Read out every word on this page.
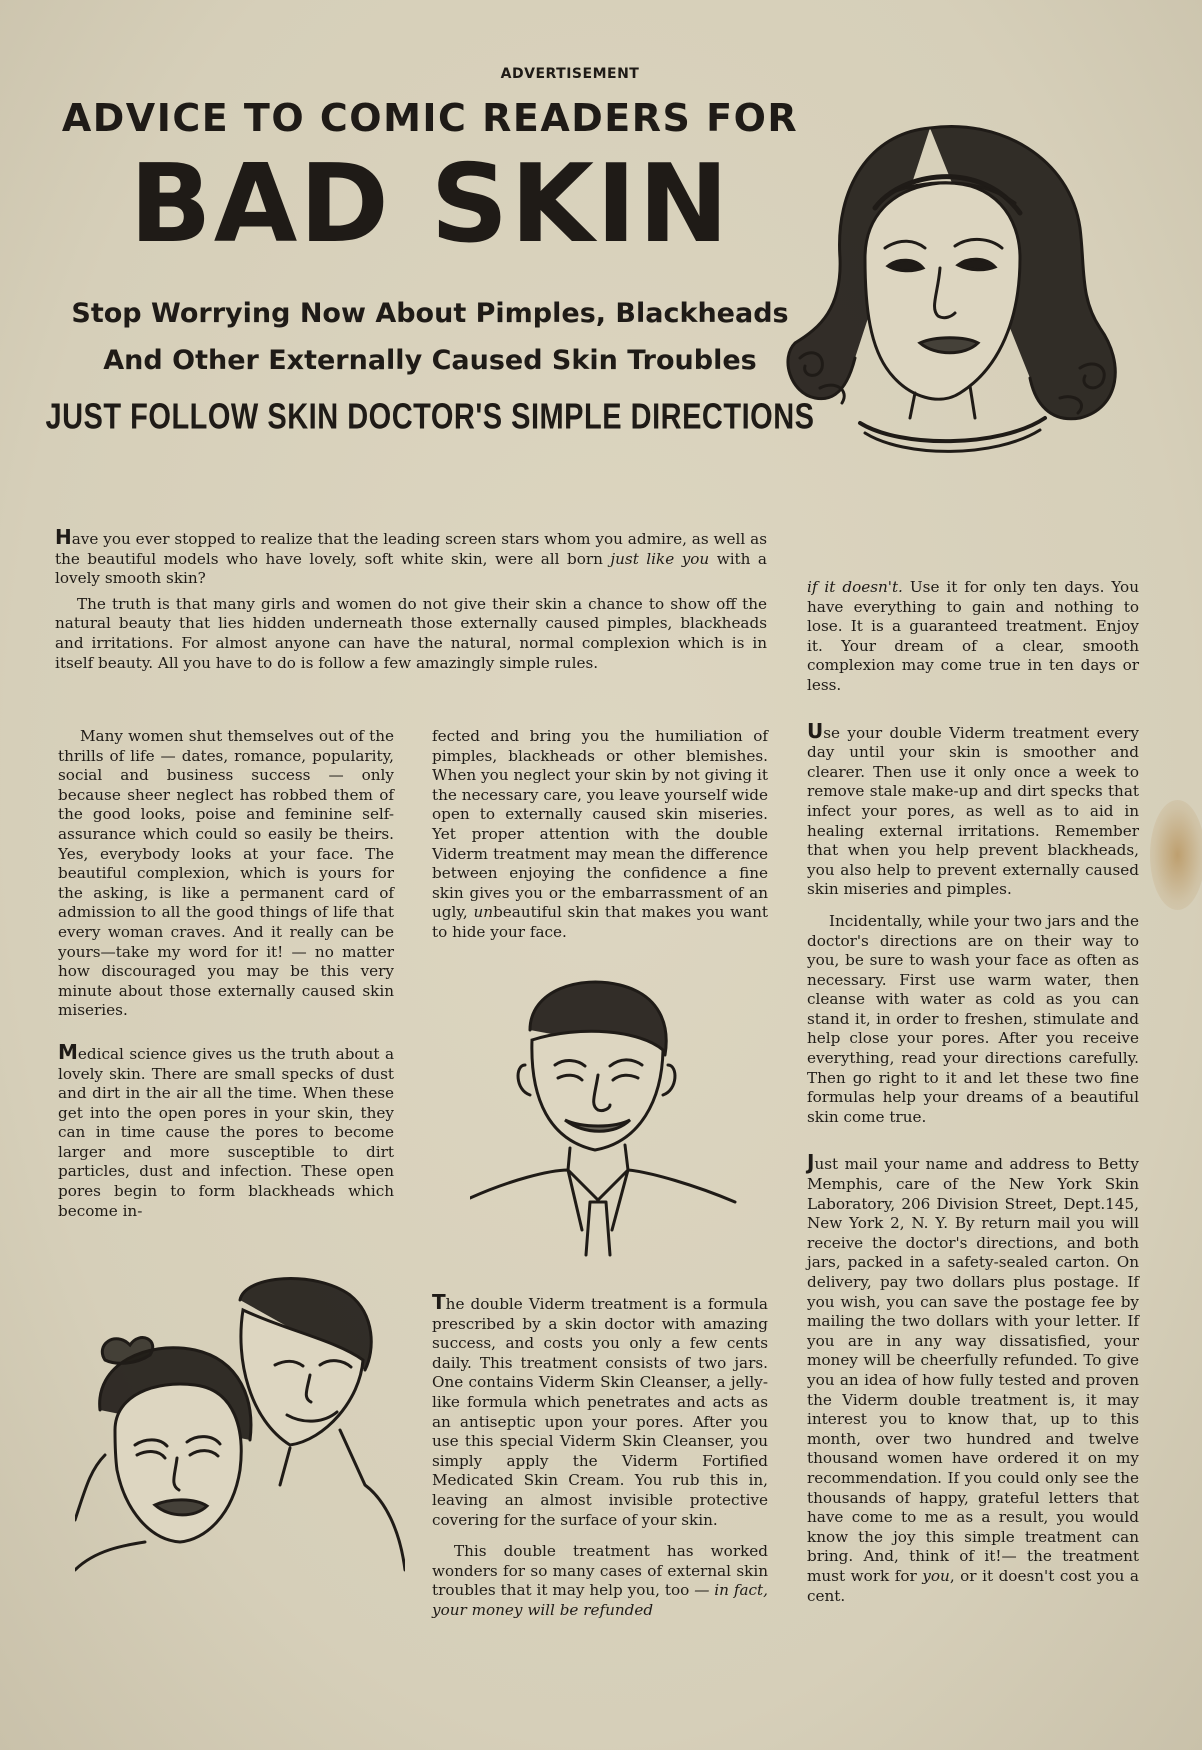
ADVERTISEMENT
ADVICE TO COMIC READERS FOR
BAD SKIN
Stop Worrying Now About Pimples, Blackheads
And Other Externally Caused Skin Troubles
JUST FOLLOW SKIN DOCTOR'S SIMPLE DIRECTIONS

Have you ever stopped to realize that the leading screen stars whom you admire, as well as the beautiful models who have lovely, soft white skin, were all born just like you with a lovely smooth skin?

The truth is that many girls and women do not give their skin a chance to show off the natural beauty that lies hidden underneath those externally caused pimples, blackheads and irritations. For almost anyone can have the natural, normal complexion which is in itself beauty. All you have to do is follow a few amazingly simple rules.

Many women shut themselves out of the thrills of life — dates, romance, popularity, social and business success — only because sheer neglect has robbed them of the good looks, poise and feminine self-assurance which could so easily be theirs. Yes, everybody looks at your face. The beautiful complexion, which is yours for the asking, is like a permanent card of admission to all the good things of life that every woman craves. And it really can be yours—take my word for it! — no matter how discouraged you may be this very minute about those externally caused skin miseries.

Medical science gives us the truth about a lovely skin. There are small specks of dust and dirt in the air all the time. When these get into the open pores in your skin, they can in time cause the pores to become larger and more susceptible to dirt particles, dust and infection. These open pores begin to form blackheads which become in-

fected and bring you the humiliation of pimples, blackheads or other blemishes. When you neglect your skin by not giving it the necessary care, you leave yourself wide open to externally caused skin miseries. Yet proper attention with the double Viderm treatment may mean the difference between enjoying the confidence a fine skin gives you or the embarrassment of an ugly, unbeautiful skin that makes you want to hide your face.

The double Viderm treatment is a formula prescribed by a skin doctor with amazing success, and costs you only a few cents daily. This treatment consists of two jars. One contains Viderm Skin Cleanser, a jelly-like formula which penetrates and acts as an antiseptic upon your pores. After you use this special Viderm Skin Cleanser, you simply apply the Viderm Fortified Medicated Skin Cream. You rub this in, leaving an almost invisible protective covering for the surface of your skin.

This double treatment has worked wonders for so many cases of external skin troubles that it may help you, too — in fact, your money will be refunded

if it doesn't. Use it for only ten days. You have everything to gain and nothing to lose. It is a guaranteed treatment. Enjoy it. Your dream of a clear, smooth complexion may come true in ten days or less.

Use your double Viderm treatment every day until your skin is smoother and clearer. Then use it only once a week to remove stale make-up and dirt specks that infect your pores, as well as to aid in healing external irritations. Remember that when you help prevent blackheads, you also help to prevent externally caused skin miseries and pimples.

Incidentally, while your two jars and the doctor's directions are on their way to you, be sure to wash your face as often as necessary. First use warm water, then cleanse with water as cold as you can stand it, in order to freshen, stimulate and help close your pores. After you receive everything, read your directions carefully. Then go right to it and let these two fine formulas help your dreams of a beautiful skin come true.

Just mail your name and address to Betty Memphis, care of the New York Skin Laboratory, 206 Division Street, Dept.145, New York 2, N. Y. By return mail you will receive the doctor's directions, and both jars, packed in a safety-sealed carton. On delivery, pay two dollars plus postage. If you wish, you can save the postage fee by mailing the two dollars with your letter. If you are in any way dissatisfied, your money will be cheerfully refunded. To give you an idea of how fully tested and proven the Viderm double treatment is, it may interest you to know that, up to this month, over two hundred and twelve thousand women have ordered it on my recommendation. If you could only see the thousands of happy, grateful letters that have come to me as a result, you would know the joy this simple treatment can bring. And, think of it!— the treatment must work for you, or it doesn't cost you a cent.
